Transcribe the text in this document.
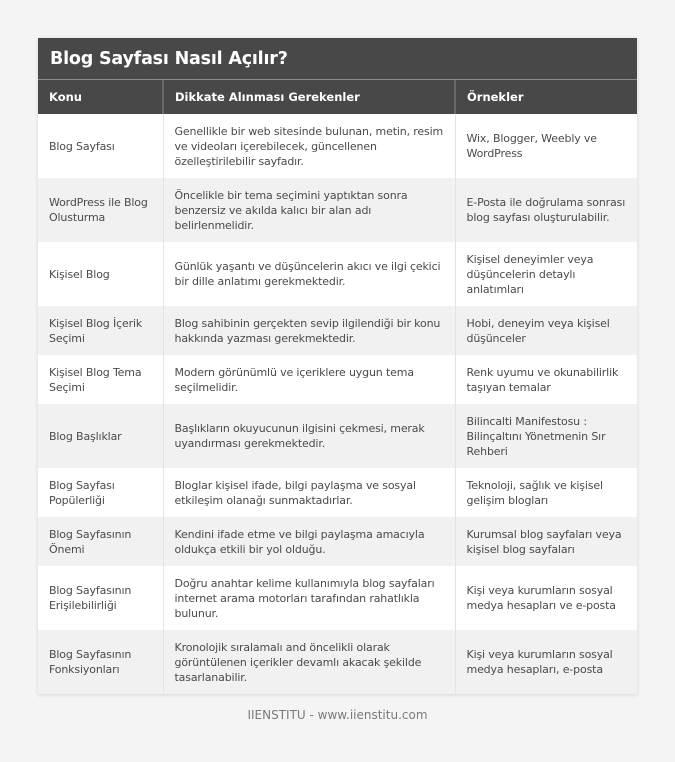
Blog Sayfası Nasıl Açılır?
Konu	Dikkate Alınması Gerekenler	Örnekler
Blog Sayfası	Genellikle bir web sitesinde bulunan, metin, resim ve videoları içerebilecek, güncellenen özelleştirilebilir sayfadır.	Wix, Blogger, Weebly ve WordPress
WordPress ile Blog Olusturma	Öncelikle bir tema seçimini yaptıktan sonra benzersiz ve akılda kalıcı bir alan adı belirlenmelidir.	E-Posta ile doğrulama sonrası blog sayfası oluşturulabilir.
Kişisel Blog	Günlük yaşantı ve düşüncelerin akıcı ve ilgi çekici bir dille anlatımı gerekmektedir.	Kişisel deneyimler veya düşüncelerin detaylı anlatımları
Kişisel Blog İçerik Seçimi	Blog sahibinin gerçekten sevip ilgilendiği bir konu hakkında yazması gerekmektedir.	Hobi, deneyim veya kişisel düşünceler
Kişisel Blog Tema Seçimi	Modern görünümlü ve içeriklere uygun tema seçilmelidir.	Renk uyumu ve okunabilirlik taşıyan temalar
Blog Başlıklar	Başlıkların okuyucunun ilgisini çekmesi, merak uyandırması gerekmektedir.	Bilincalti Manifestosu : Bilinçaltını Yönetmenin Sır Rehberi
Blog Sayfası Popülerliği	Bloglar kişisel ifade, bilgi paylaşma ve sosyal etkileşim olanağı sunmaktadırlar.	Teknoloji, sağlık ve kişisel gelişim blogları
Blog Sayfasının Önemi	Kendini ifade etme ve bilgi paylaşma amacıyla oldukça etkili bir yol olduğu.	Kurumsal blog sayfaları veya kişisel blog sayfaları
Blog Sayfasının Erişilebilirliği	Doğru anahtar kelime kullanımıyla blog sayfaları internet arama motorları tarafından rahatlıkla bulunur.	Kişi veya kurumların sosyal medya hesapları ve e-posta
Blog Sayfasının Fonksiyonları	Kronolojik sıralamalı and öncelikli olarak görüntülenen içerikler devamlı akacak şekilde tasarlanabilir.	Kişi veya kurumların sosyal medya hesapları, e-posta
IIENSTITU - www.iienstitu.com
